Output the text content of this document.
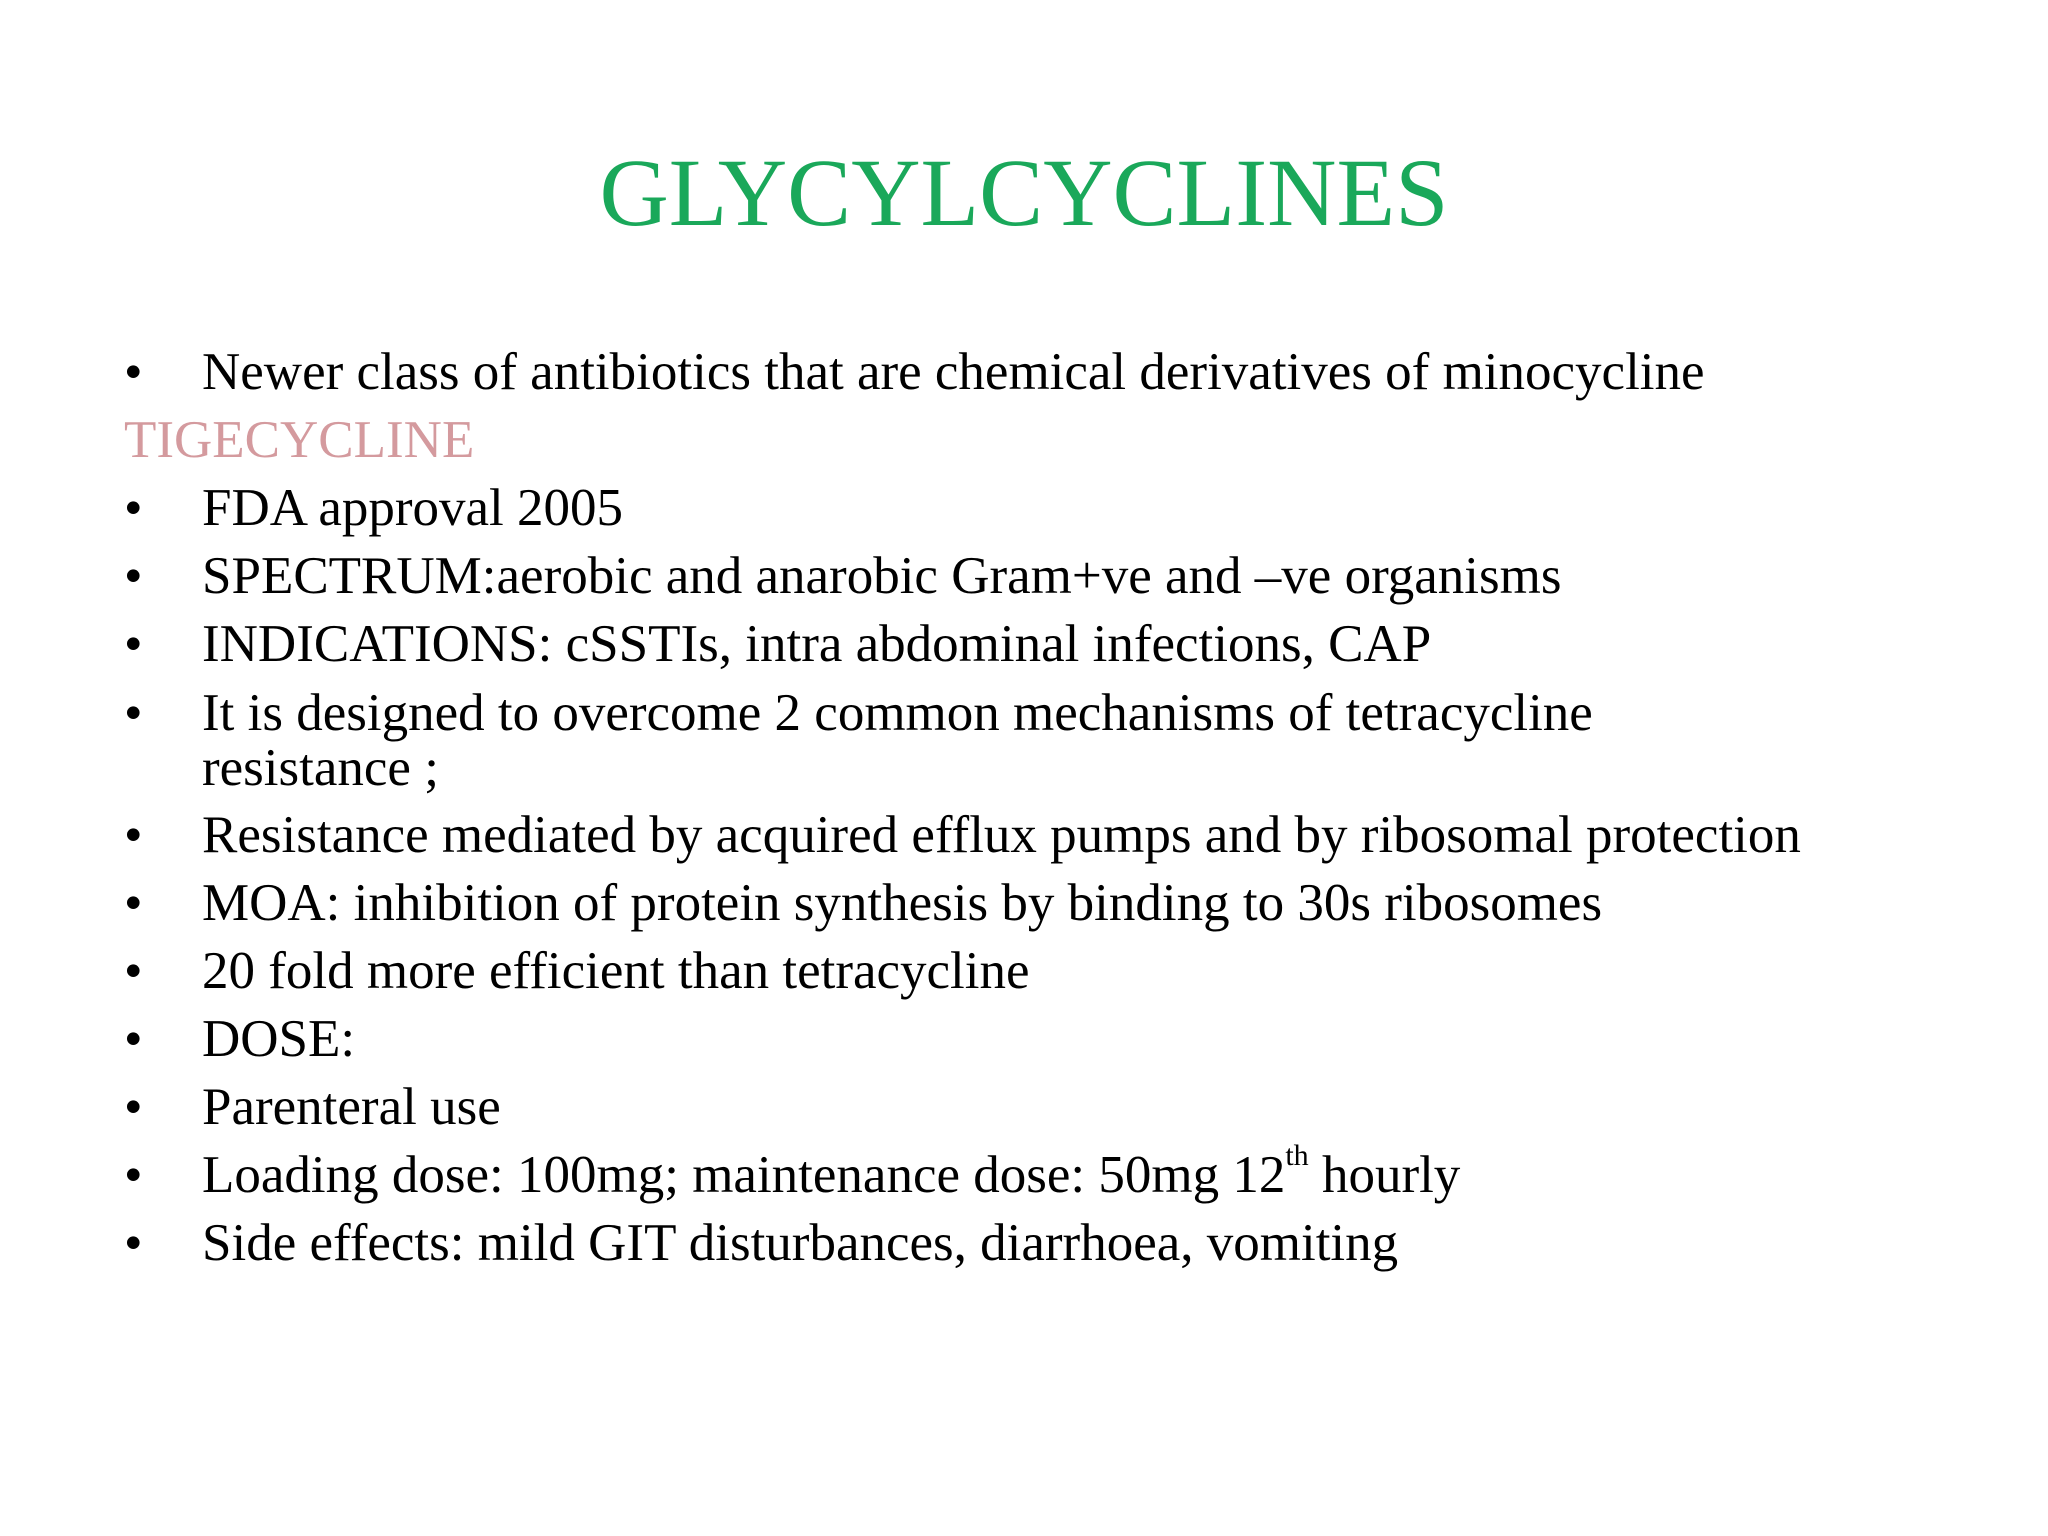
GLYCYLCYCLINES
• Newer class of antibiotics that are chemical derivatives of minocycline
TIGECYCLINE
• FDA approval 2005
• SPECTRUM:aerobic and anarobic Gram+ve and –ve organisms
• INDICATIONS: cSSTIs, intra abdominal infections, CAP
• It is designed to overcome 2 common mechanisms of tetracycline
resistance ;
• Resistance mediated by acquired efflux pumps and by ribosomal protection
• MOA: inhibition of protein synthesis by binding to 30s ribosomes
• 20 fold more efficient than tetracycline
• DOSE:
• Parenteral use
• Loading dose: 100mg; maintenance dose: 50mg 12th hourly
• Side effects: mild GIT disturbances, diarrhoea, vomiting
